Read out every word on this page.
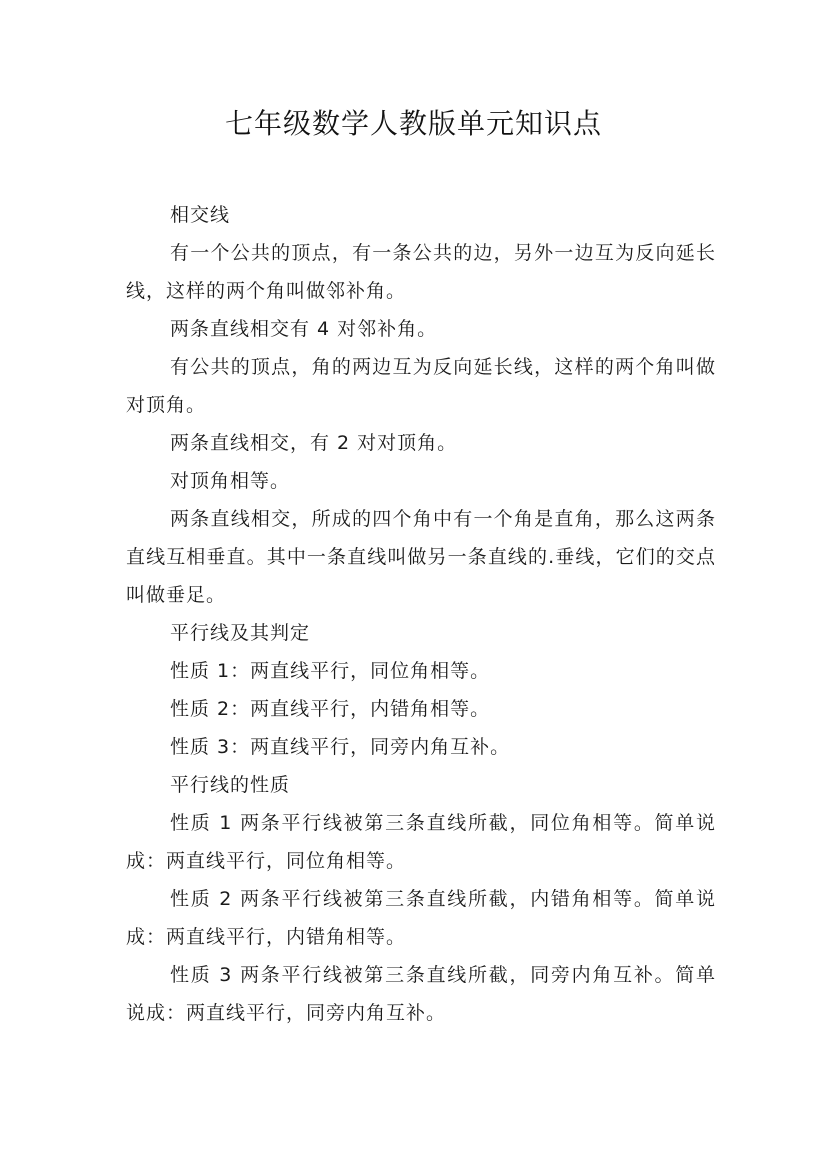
七年级数学人教版单元知识点

相交线

有一个公共的顶点，有一条公共的边，另外一边互为反向延长线，这样的两个角叫做邻补角。

两条直线相交有 4 对邻补角。

有公共的顶点，角的两边互为反向延长线，这样的两个角叫做对顶角。

两条直线相交，有 2 对对顶角。

对顶角相等。

两条直线相交，所成的四个角中有一个角是直角，那么这两条直线互相垂直。其中一条直线叫做另一条直线的.垂线，它们的交点叫做垂足。

平行线及其判定

性质 1：两直线平行，同位角相等。

性质 2：两直线平行，内错角相等。

性质 3：两直线平行，同旁内角互补。

平行线的性质

性质 1 两条平行线被第三条直线所截，同位角相等。简单说成：两直线平行，同位角相等。

性质 2 两条平行线被第三条直线所截，内错角相等。简单说成：两直线平行，内错角相等。

性质 3 两条平行线被第三条直线所截，同旁内角互补。简单说成：两直线平行，同旁内角互补。
